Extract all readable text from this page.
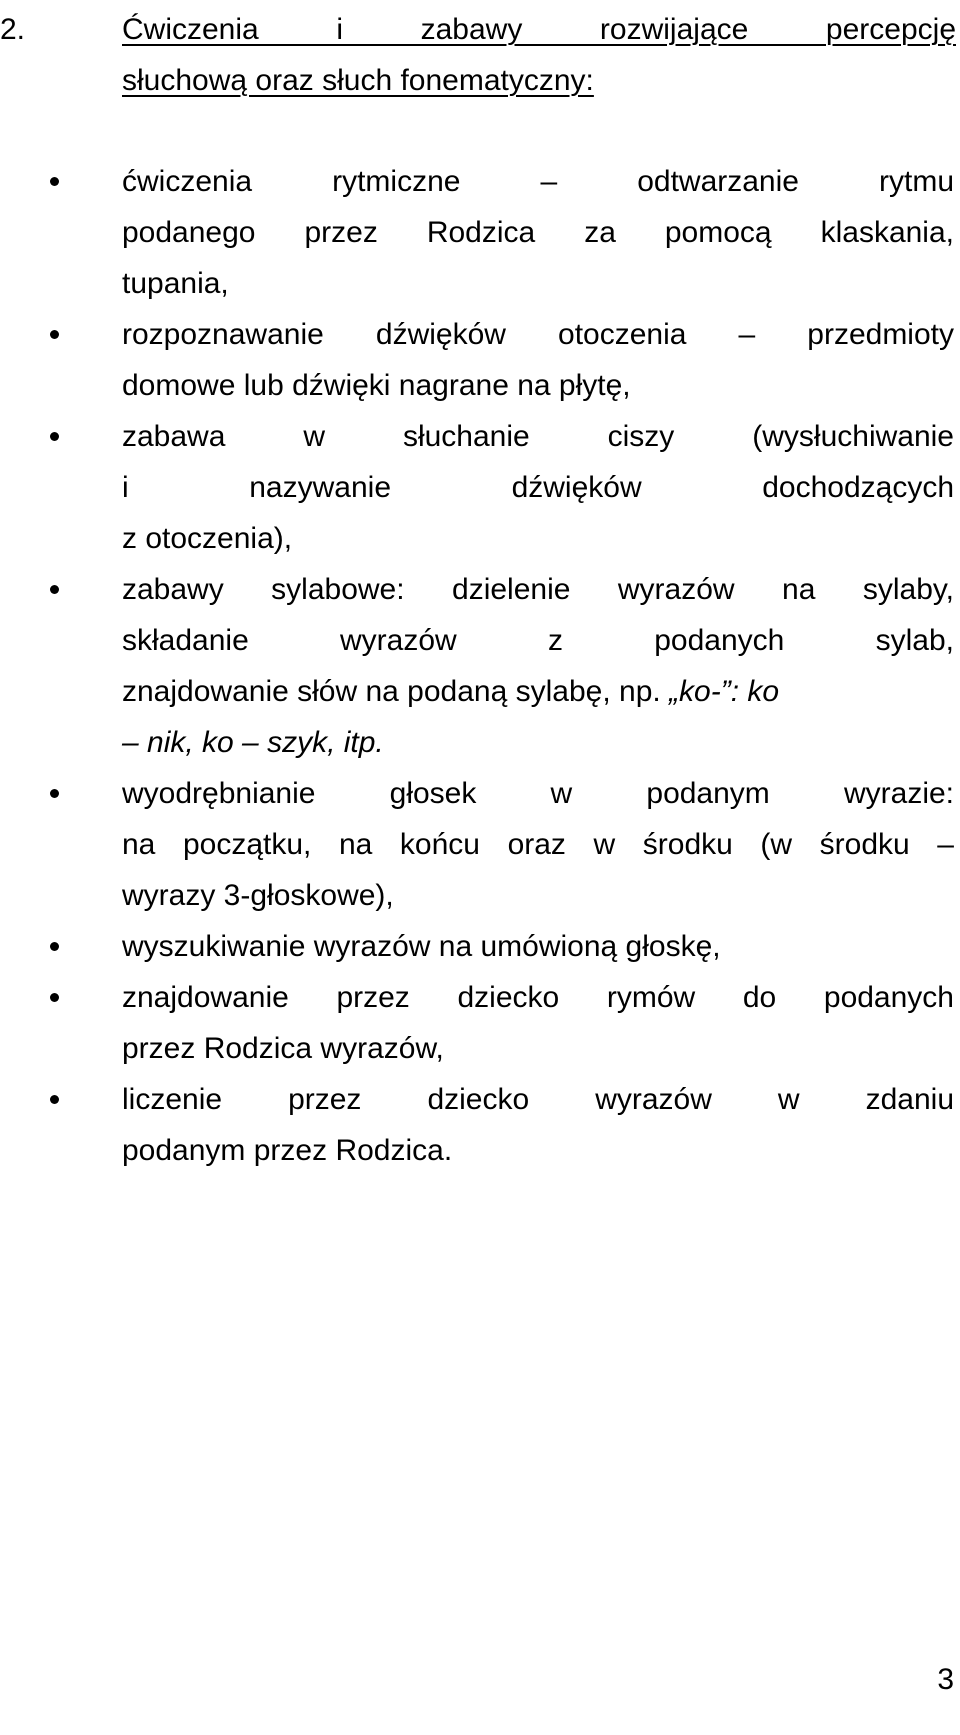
2.	Ćwiczenia i zabawy rozwijające percepcję
słuchową oraz słuch fonematyczny:
ćwiczenia rytmiczne – odtwarzanie rytmu
podanego przez Rodzica za pomocą klaskania,
tupania,
rozpoznawanie dźwięków otoczenia – przedmioty
domowe lub dźwięki nagrane na płytę,
zabawa w słuchanie ciszy (wysłuchiwanie
i nazywanie dźwięków dochodzących
z otoczenia),
zabawy sylabowe: dzielenie wyrazów na sylaby,
składanie wyrazów z podanych sylab,
znajdowanie słów na podaną sylabę, np. „ko-”: ko
– nik, ko – szyk, itp.
wyodrębnianie głosek w podanym wyrazie:
na początku, na końcu oraz w środku (w środku –
wyrazy 3-głoskowe),
wyszukiwanie wyrazów na umówioną głoskę,
znajdowanie przez dziecko rymów do podanych
przez Rodzica wyrazów,
liczenie przez dziecko wyrazów w zdaniu
podanym przez Rodzica.
3
